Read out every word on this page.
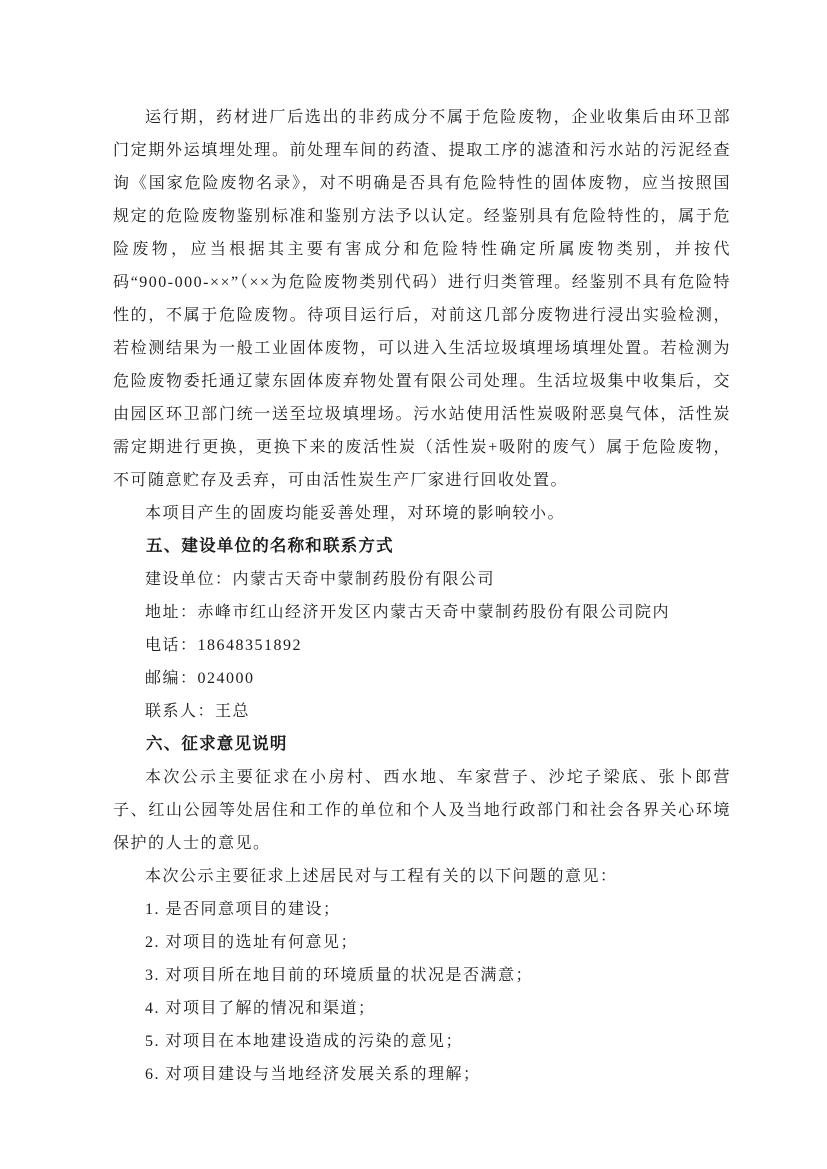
运行期，药材进厂后选出的非药成分不属于危险废物，企业收集后由环卫部门定期外运填埋处理。前处理车间的药渣、提取工序的滤渣和污水站的污泥经查询《国家危险废物名录》，对不明确是否具有危险特性的固体废物，应当按照国规定的危险废物鉴别标准和鉴别方法予以认定。经鉴别具有危险特性的，属于危险废物，应当根据其主要有害成分和危险特性确定所属废物类别，并按代码“900-000-××”（××为危险废物类别代码）进行归类管理。经鉴别不具有危险特性的，不属于危险废物。待项目运行后，对前这几部分废物进行浸出实验检测，若检测结果为一般工业固体废物，可以进入生活垃圾填埋场填埋处置。若检测为危险废物委托通辽蒙东固体废弃物处置有限公司处理。生活垃圾集中收集后，交由园区环卫部门统一送至垃圾填埋场。污水站使用活性炭吸附恶臭气体，活性炭需定期进行更换，更换下来的废活性炭（活性炭+吸附的废气）属于危险废物，不可随意贮存及丢弃，可由活性炭生产厂家进行回收处置。

本项目产生的固废均能妥善处理，对环境的影响较小。

五、建设单位的名称和联系方式

建设单位：内蒙古天奇中蒙制药股份有限公司

地址：赤峰市红山经济开发区内蒙古天奇中蒙制药股份有限公司院内

电话：18648351892

邮编：024000

联系人：王总

六、征求意见说明

本次公示主要征求在小房村、西水地、车家营子、沙坨子梁底、张卜郎营子、红山公园等处居住和工作的单位和个人及当地行政部门和社会各界关心环境保护的人士的意见。

本次公示主要征求上述居民对与工程有关的以下问题的意见：

1. 是否同意项目的建设；

2. 对项目的选址有何意见；

3. 对项目所在地目前的环境质量的状况是否满意；

4. 对项目了解的情况和渠道；

5. 对项目在本地建设造成的污染的意见；

6. 对项目建设与当地经济发展关系的理解；
